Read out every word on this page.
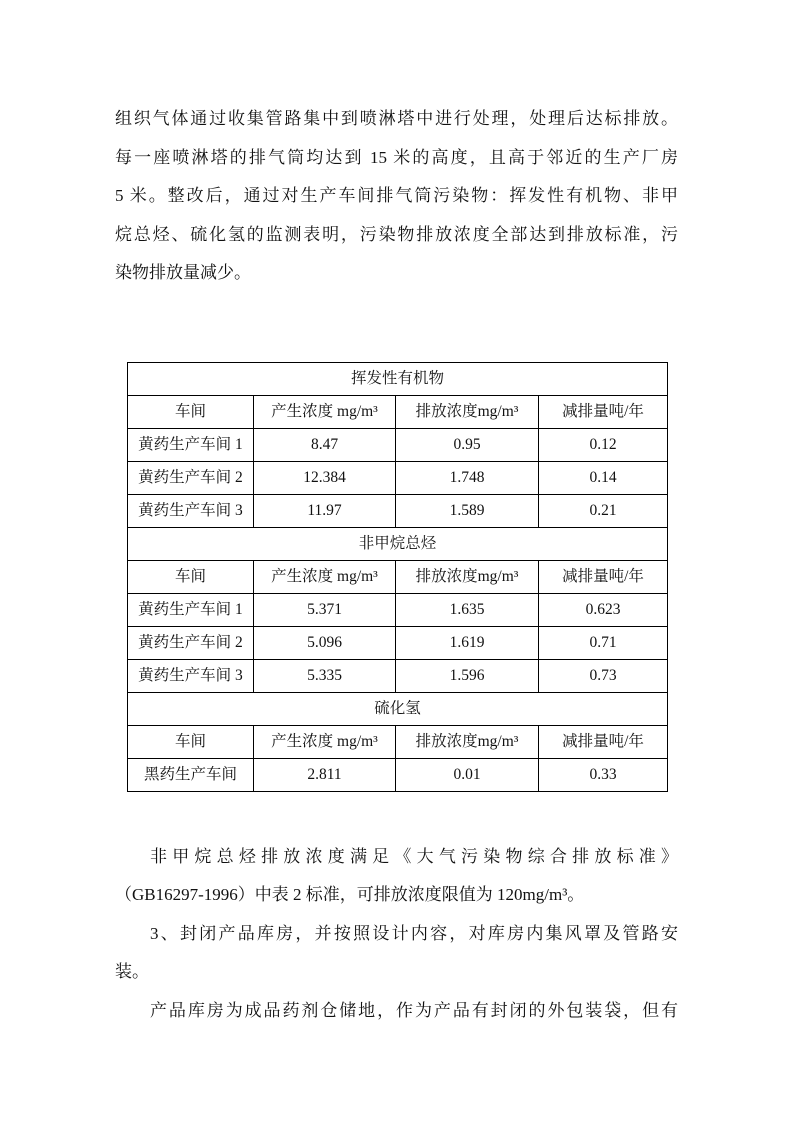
组织气体通过收集管路集中到喷淋塔中进行处理，处理后达标排放。
每一座喷淋塔的排气筒均达到 15 米的高度，且高于邻近的生产厂房
5 米。整改后，通过对生产车间排气筒污染物：挥发性有机物、非甲
烷总烃、硫化氢的监测表明，污染物排放浓度全部达到排放标准，污
染物排放量减少。
挥发性有机物			
车间	产生浓度 mg/m³	排放浓度mg/m³	减排量吨/年
黄药生产车间 1	8.47	0.95	0.12
黄药生产车间 2	12.384	1.748	0.14
黄药生产车间 3	11.97	1.589	0.21
非甲烷总烃			
车间	产生浓度 mg/m³	排放浓度mg/m³	减排量吨/年
黄药生产车间 1	5.371	1.635	0.623
黄药生产车间 2	5.096	1.619	0.71
黄药生产车间 3	5.335	1.596	0.73
硫化氢			
车间	产生浓度 mg/m³	排放浓度mg/m³	减排量吨/年
黑药生产车间	2.811	0.01	0.33
非甲烷总烃排放浓度满足《大气污染物综合排放标准》
（GB16297-1996）中表 2 标准，可排放浓度限值为 120mg/m³。
3、封闭产品库房，并按照设计内容，对库房内集风罩及管路安
装。
产品库房为成品药剂仓储地，作为产品有封闭的外包装袋，但有
